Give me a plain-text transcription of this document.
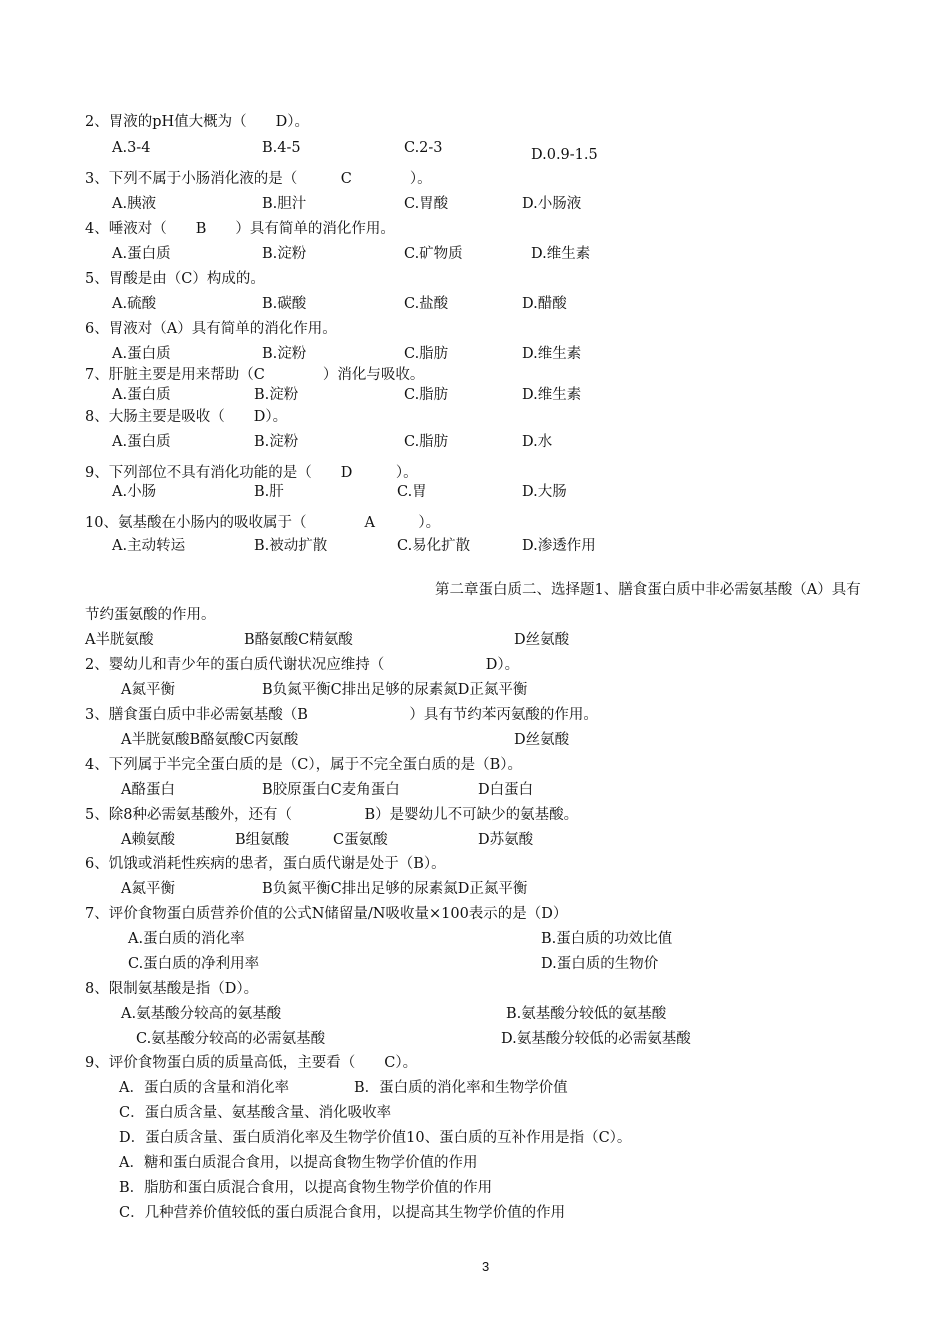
2、胃液的pH值大概为（　　D）。
A.3-4	B.4-5	C.2-3	D.0.9-1.5
3、下列不属于小肠消化液的是（　　　C　　　　）。
A.胰液	B.胆汁	C.胃酸	D.小肠液
4、唾液对（　　B　　）具有简单的消化作用。
A.蛋白质	B.淀粉	C.矿物质	D.维生素
5、胃酸是由（C）构成的。
A.硫酸	B.碳酸	C.盐酸	D.醋酸
6、胃液对（A）具有简单的消化作用。
A.蛋白质	B.淀粉	C.脂肪	D.维生素
7、肝脏主要是用来帮助（C　　　　）消化与吸收。
A.蛋白质	B.淀粉	C.脂肪	D.维生素
8、大肠主要是吸收（　　D）。
A.蛋白质	B.淀粉	C.脂肪	D.水
9、下列部位不具有消化功能的是（　　D　　　）。
A.小肠	B.肝	C.胃	D.大肠
10、氨基酸在小肠内的吸收属于（　　　　A　　　）。
A.主动转运	B.被动扩散	C.易化扩散	D.渗透作用
第二章蛋白质二、选择题1、膳食蛋白质中非必需氨基酸（A）具有
节约蛋氨酸的作用。
A半胱氨酸	B酪氨酸C精氨酸	D丝氨酸
2、婴幼儿和青少年的蛋白质代谢状况应维持（　　　　　　　D）。
A氮平衡	B负氮平衡C排出足够的尿素氮D正氮平衡
3、膳食蛋白质中非必需氨基酸（B　　　　　　　）具有节约苯丙氨酸的作用。
A半胱氨酸B酪氨酸C丙氨酸	D丝氨酸
4、下列属于半完全蛋白质的是（C），属于不完全蛋白质的是（B）。
A酪蛋白	B胶原蛋白C麦角蛋白	D白蛋白
5、除8种必需氨基酸外，还有（　　　　　B）是婴幼儿不可缺少的氨基酸。
A赖氨酸	B组氨酸	C蛋氨酸	D苏氨酸
6、饥饿或消耗性疾病的患者，蛋白质代谢是处于（B）。
A氮平衡	B负氮平衡C排出足够的尿素氮D正氮平衡
7、评价食物蛋白质营养价值的公式N储留量/N吸收量×100表示的是（D）
A.蛋白质的消化率	B.蛋白质的功效比值
C.蛋白质的净利用率	D.蛋白质的生物价
8、限制氨基酸是指（D）。
A.氨基酸分较高的氨基酸	B.氨基酸分较低的氨基酸
C.氨基酸分较高的必需氨基酸	D.氨基酸分较低的必需氨基酸
9、评价食物蛋白质的质量高低，主要看（　　C）。
A．蛋白质的含量和消化率	B．蛋白质的消化率和生物学价值
C．蛋白质含量、氨基酸含量、消化吸收率
D．蛋白质含量、蛋白质消化率及生物学价值10、蛋白质的互补作用是指（C）。
A．糖和蛋白质混合食用，以提高食物生物学价值的作用
B．脂肪和蛋白质混合食用，以提高食物生物学价值的作用
C．几种营养价值较低的蛋白质混合食用，以提高其生物学价值的作用
3
